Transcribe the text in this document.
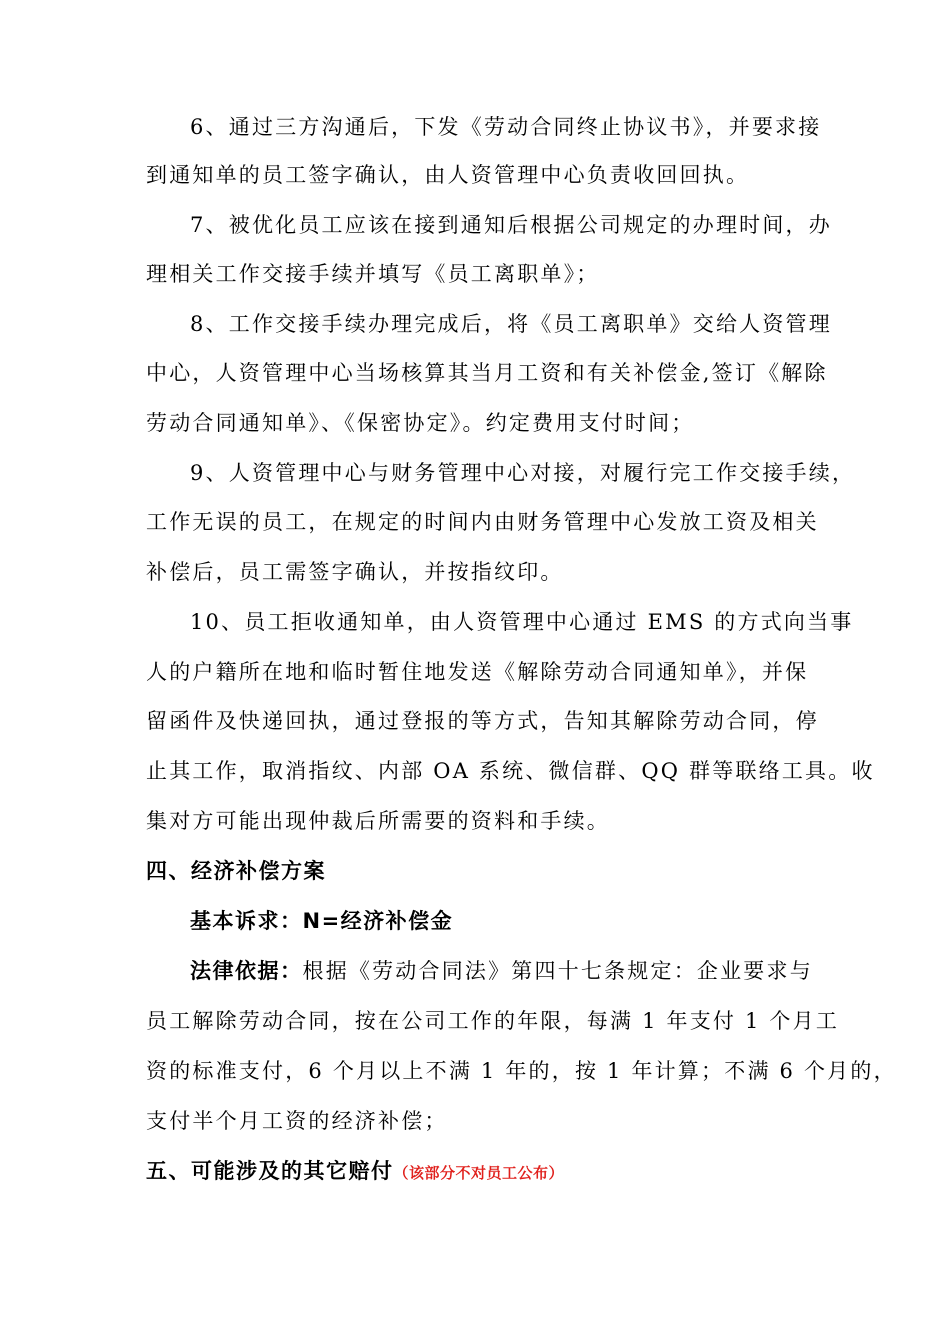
6、通过三方沟通后，下发《劳动合同终止协议书》，并要求接
到通知单的员工签字确认，由人资管理中心负责收回回执。
7、被优化员工应该在接到通知后根据公司规定的办理时间，办
理相关工作交接手续并填写《员工离职单》；
8、工作交接手续办理完成后，将《员工离职单》交给人资管理
中心，人资管理中心当场核算其当月工资和有关补偿金,签订《解除
劳动合同通知单》、《保密协定》。约定费用支付时间；
9、人资管理中心与财务管理中心对接，对履行完工作交接手续，
工作无误的员工，在规定的时间内由财务管理中心发放工资及相关
补偿后，员工需签字确认，并按指纹印。
10、员工拒收通知单，由人资管理中心通过 EMS 的方式向当事
人的户籍所在地和临时暂住地发送《解除劳动合同通知单》，并保
留函件及快递回执，通过登报的等方式，告知其解除劳动合同，停
止其工作，取消指纹、内部 OA 系统、微信群、QQ 群等联络工具。收
集对方可能出现仲裁后所需要的资料和手续。
四、经济补偿方案
基本诉求：N=经济补偿金
法律依据：根据《劳动合同法》第四十七条规定：企业要求与
员工解除劳动合同，按在公司工作的年限，每满 1 年支付 1 个月工
资的标准支付，6 个月以上不满 1 年的，按 1 年计算；不满 6 个月的，
支付半个月工资的经济补偿；
五、可能涉及的其它赔付（该部分不对员工公布）
